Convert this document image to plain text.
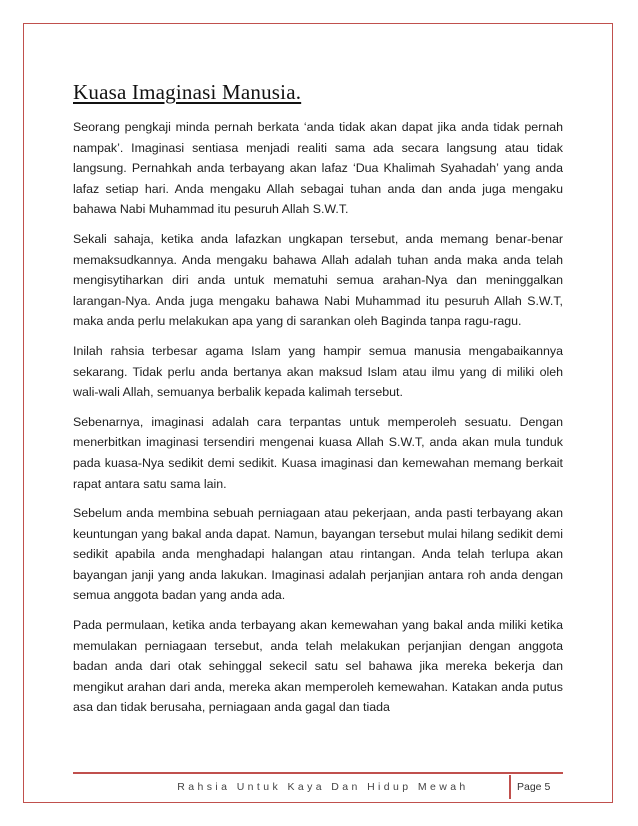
Kuasa Imaginasi Manusia.

Seorang pengkaji minda pernah berkata ‘anda tidak akan dapat jika anda tidak pernah nampak’. Imaginasi sentiasa menjadi realiti sama ada secara langsung atau tidak langsung. Pernahkah anda terbayang akan lafaz ‘Dua Khalimah Syahadah’ yang anda lafaz setiap hari. Anda mengaku Allah sebagai tuhan anda dan anda juga mengaku bahawa Nabi Muhammad itu pesuruh Allah S.W.T.

Sekali sahaja, ketika anda lafazkan ungkapan tersebut, anda memang benar-benar memaksudkannya. Anda mengaku bahawa Allah adalah tuhan anda maka anda telah mengisytiharkan diri anda untuk mematuhi semua arahan-Nya dan meninggalkan larangan-Nya. Anda juga mengaku bahawa Nabi Muhammad itu pesuruh Allah S.W.T, maka anda perlu melakukan apa yang di sarankan oleh Baginda tanpa ragu-ragu.

Inilah rahsia terbesar agama Islam yang hampir semua manusia mengabaikannya sekarang. Tidak perlu anda bertanya akan maksud Islam atau ilmu yang di miliki oleh wali-wali Allah, semuanya berbalik kepada kalimah tersebut.

Sebenarnya, imaginasi adalah cara terpantas untuk memperoleh sesuatu. Dengan menerbitkan imaginasi tersendiri mengenai kuasa Allah S.W.T, anda akan mula tunduk pada kuasa-Nya sedikit demi sedikit. Kuasa imaginasi dan kemewahan memang berkait rapat antara satu sama lain.

Sebelum anda membina sebuah perniagaan atau pekerjaan, anda pasti terbayang akan keuntungan yang bakal anda dapat. Namun, bayangan tersebut mulai hilang sedikit demi sedikit apabila anda menghadapi halangan atau rintangan. Anda telah terlupa akan bayangan janji yang anda lakukan. Imaginasi adalah perjanjian antara roh anda dengan semua anggota badan yang anda ada.

Pada permulaan, ketika anda terbayang akan kemewahan yang bakal anda miliki ketika memulakan perniagaan tersebut, anda telah melakukan perjanjian dengan anggota badan anda dari otak sehinggal sekecil satu sel bahawa jika mereka bekerja dan mengikut arahan dari anda, mereka akan memperoleh kemewahan. Katakan anda putus asa dan tidak berusaha, perniagaan anda gagal dan tiada

Rahsia Untuk Kaya Dan Hidup Mewah	Page 5
